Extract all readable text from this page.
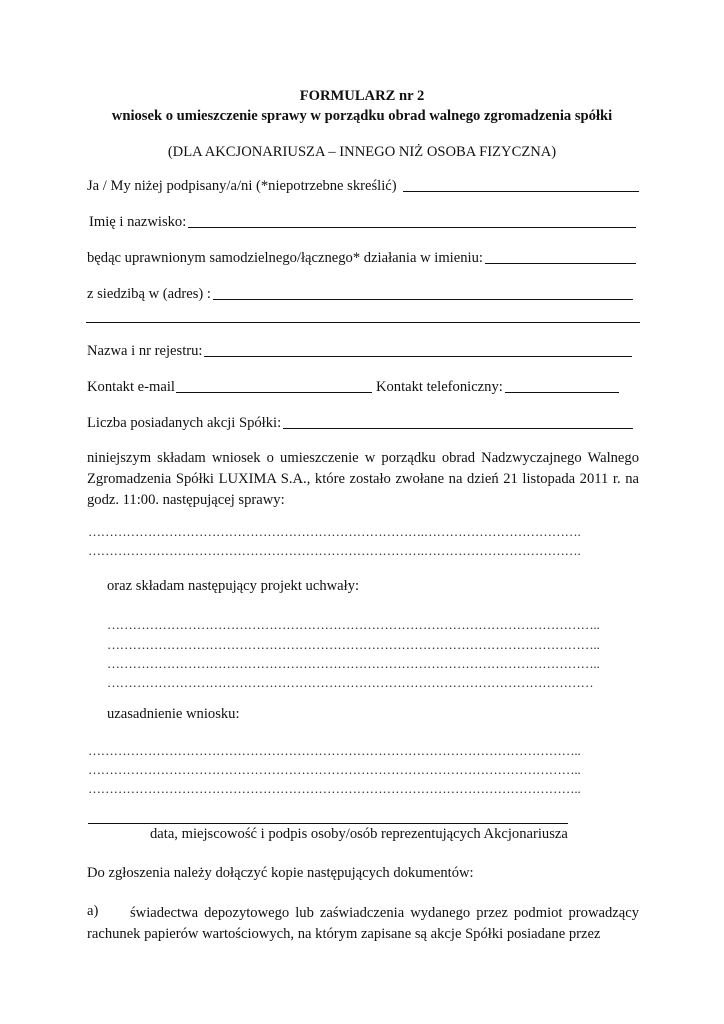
FORMULARZ nr 2
wniosek o umieszczenie sprawy w porządku obrad walnego zgromadzenia spółki
(DLA AKCJONARIUSZA – INNEGO NIŻ OSOBA FIZYCZNA)
Ja / My niżej podpisany/a/ni (*niepotrzebne skreślić)
Imię i nazwisko:
będąc uprawnionym samodzielnego/łącznego* działania w imieniu:
z siedzibą w (adres) :
Nazwa i nr rejestru:
Kontakt e-mail	Kontakt telefoniczny:
Liczba posiadanych akcji Spółki:
niniejszym składam wniosek o umieszczenie w porządku obrad Nadzwyczajnego Walnego Zgromadzenia Spółki LUXIMA S.A., które zostało zwołane na dzień 21 listopada 2011 r. na godz. 11:00. następującej sprawy:
…………………………………………………………………….……………………………….
…………………………………………………………………….……………………………….
oraz składam następujący projekt uchwały:
……………………………………………………………………………………………………..
……………………………………………………………………………………………………..
……………………………………………………………………………………………………..
……………………………………………………………………………………………………
uzasadnienie wniosku:
……………………………………………………………………………………………………..
……………………………………………………………………………………………………..
……………………………………………………………………………………………………..
data, miejscowość i podpis osoby/osób reprezentujących Akcjonariusza
Do zgłoszenia należy dołączyć kopie następujących dokumentów:
a)	świadectwa depozytowego lub zaświadczenia wydanego przez podmiot prowadzący rachunek papierów wartościowych, na którym zapisane są akcje Spółki posiadane przez
